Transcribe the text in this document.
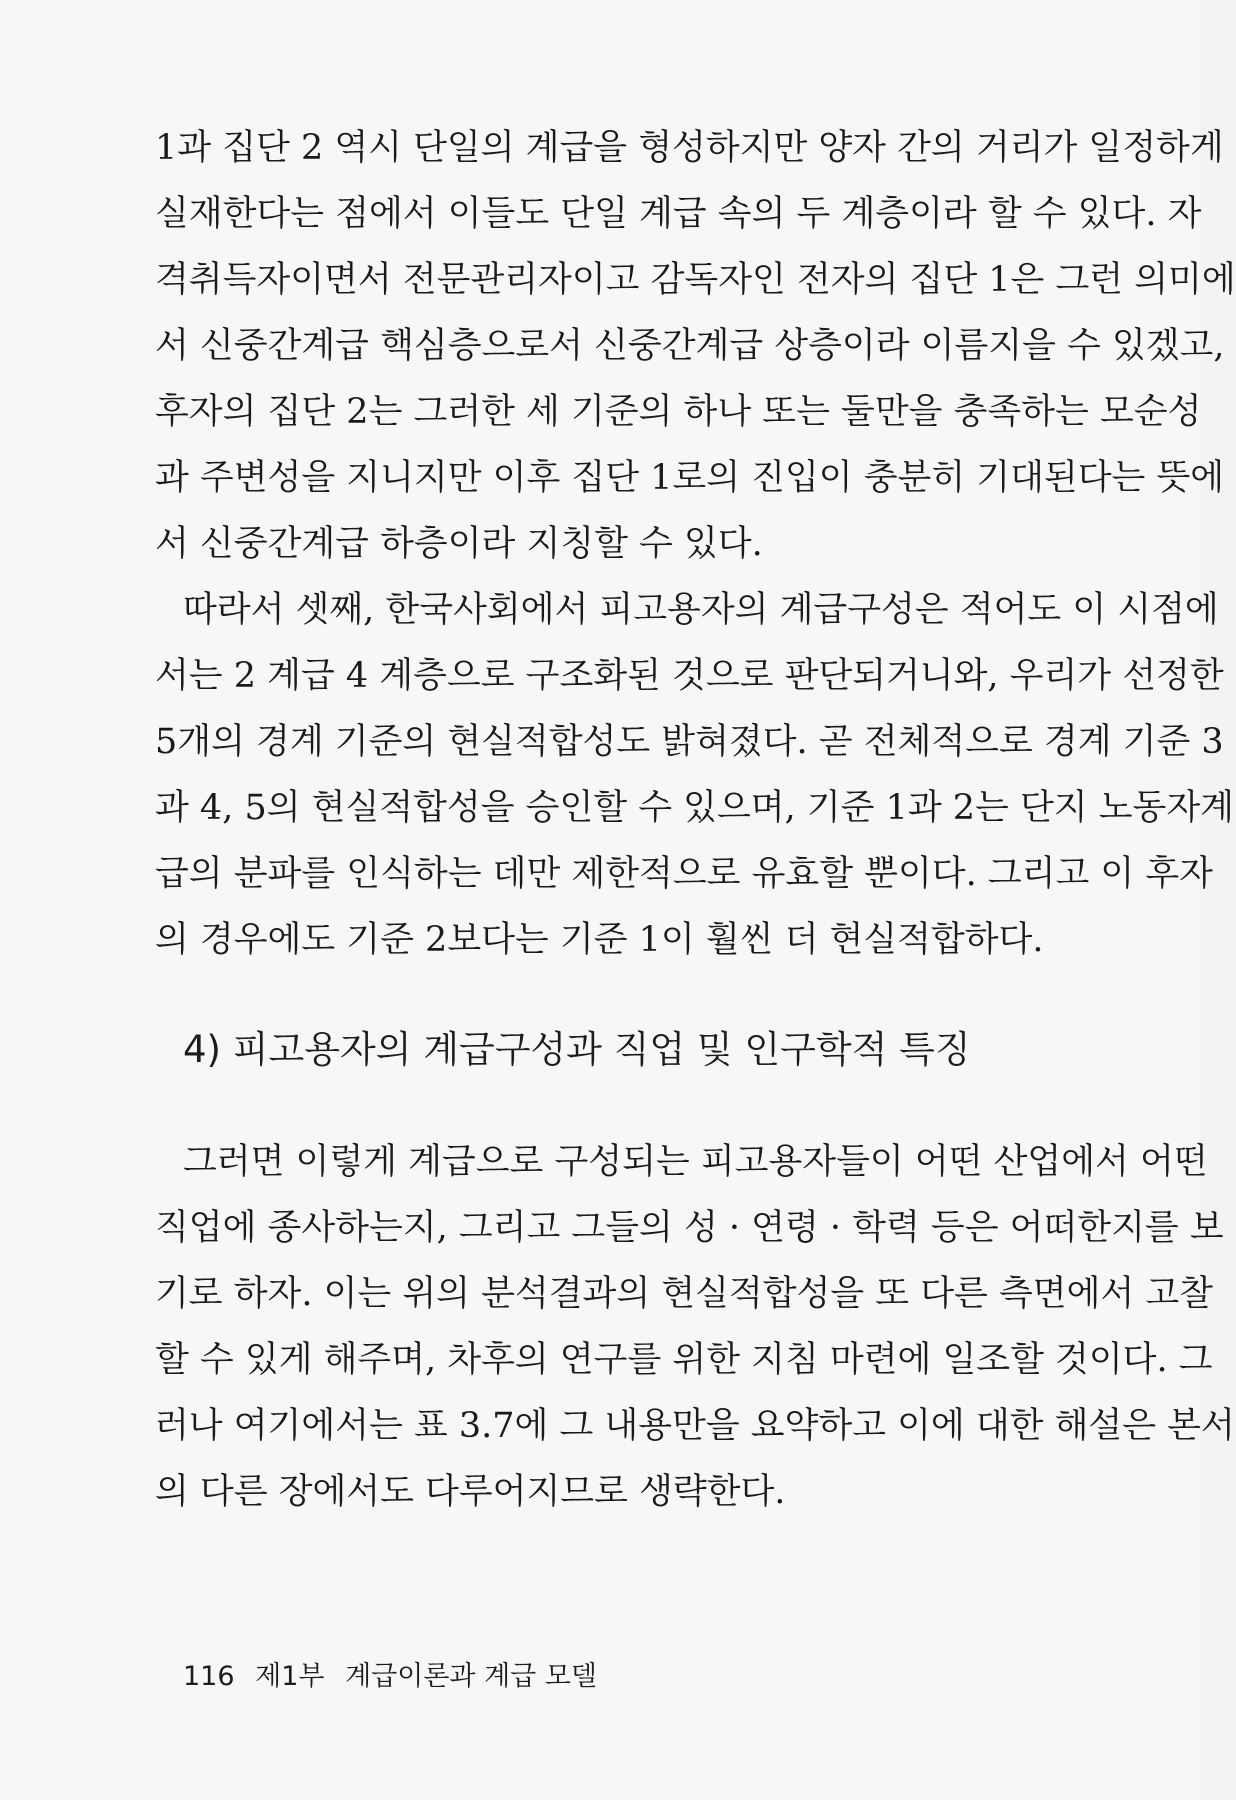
1과 집단 2 역시 단일의 계급을 형성하지만 양자 간의 거리가 일정하게
실재한다는 점에서 이들도 단일 계급 속의 두 계층이라 할 수 있다. 자
격취득자이면서 전문관리자이고 감독자인 전자의 집단 1은 그런 의미에
서 신중간계급 핵심층으로서 신중간계급 상층이라 이름지을 수 있겠고,
후자의 집단 2는 그러한 세 기준의 하나 또는 둘만을 충족하는 모순성
과 주변성을 지니지만 이후 집단 1로의 진입이 충분히 기대된다는 뜻에
서 신중간계급 하층이라 지칭할 수 있다.
따라서 셋째, 한국사회에서 피고용자의 계급구성은 적어도 이 시점에
서는 2 계급 4 계층으로 구조화된 것으로 판단되거니와, 우리가 선정한
5개의 경계 기준의 현실적합성도 밝혀졌다. 곧 전체적으로 경계 기준 3
과 4, 5의 현실적합성을 승인할 수 있으며, 기준 1과 2는 단지 노동자계
급의 분파를 인식하는 데만 제한적으로 유효할 뿐이다. 그리고 이 후자
의 경우에도 기준 2보다는 기준 1이 훨씬 더 현실적합하다.
4) 피고용자의 계급구성과 직업 및 인구학적 특징
그러면 이렇게 계급으로 구성되는 피고용자들이 어떤 산업에서 어떤
직업에 종사하는지, 그리고 그들의 성 · 연령 · 학력 등은 어떠한지를 보
기로 하자. 이는 위의 분석결과의 현실적합성을 또 다른 측면에서 고찰
할 수 있게 해주며, 차후의 연구를 위한 지침 마련에 일조할 것이다. 그
러나 여기에서는 표 3.7에 그 내용만을 요약하고 이에 대한 해설은 본서
의 다른 장에서도 다루어지므로 생략한다.
116 제1부 계급이론과 계급 모델
